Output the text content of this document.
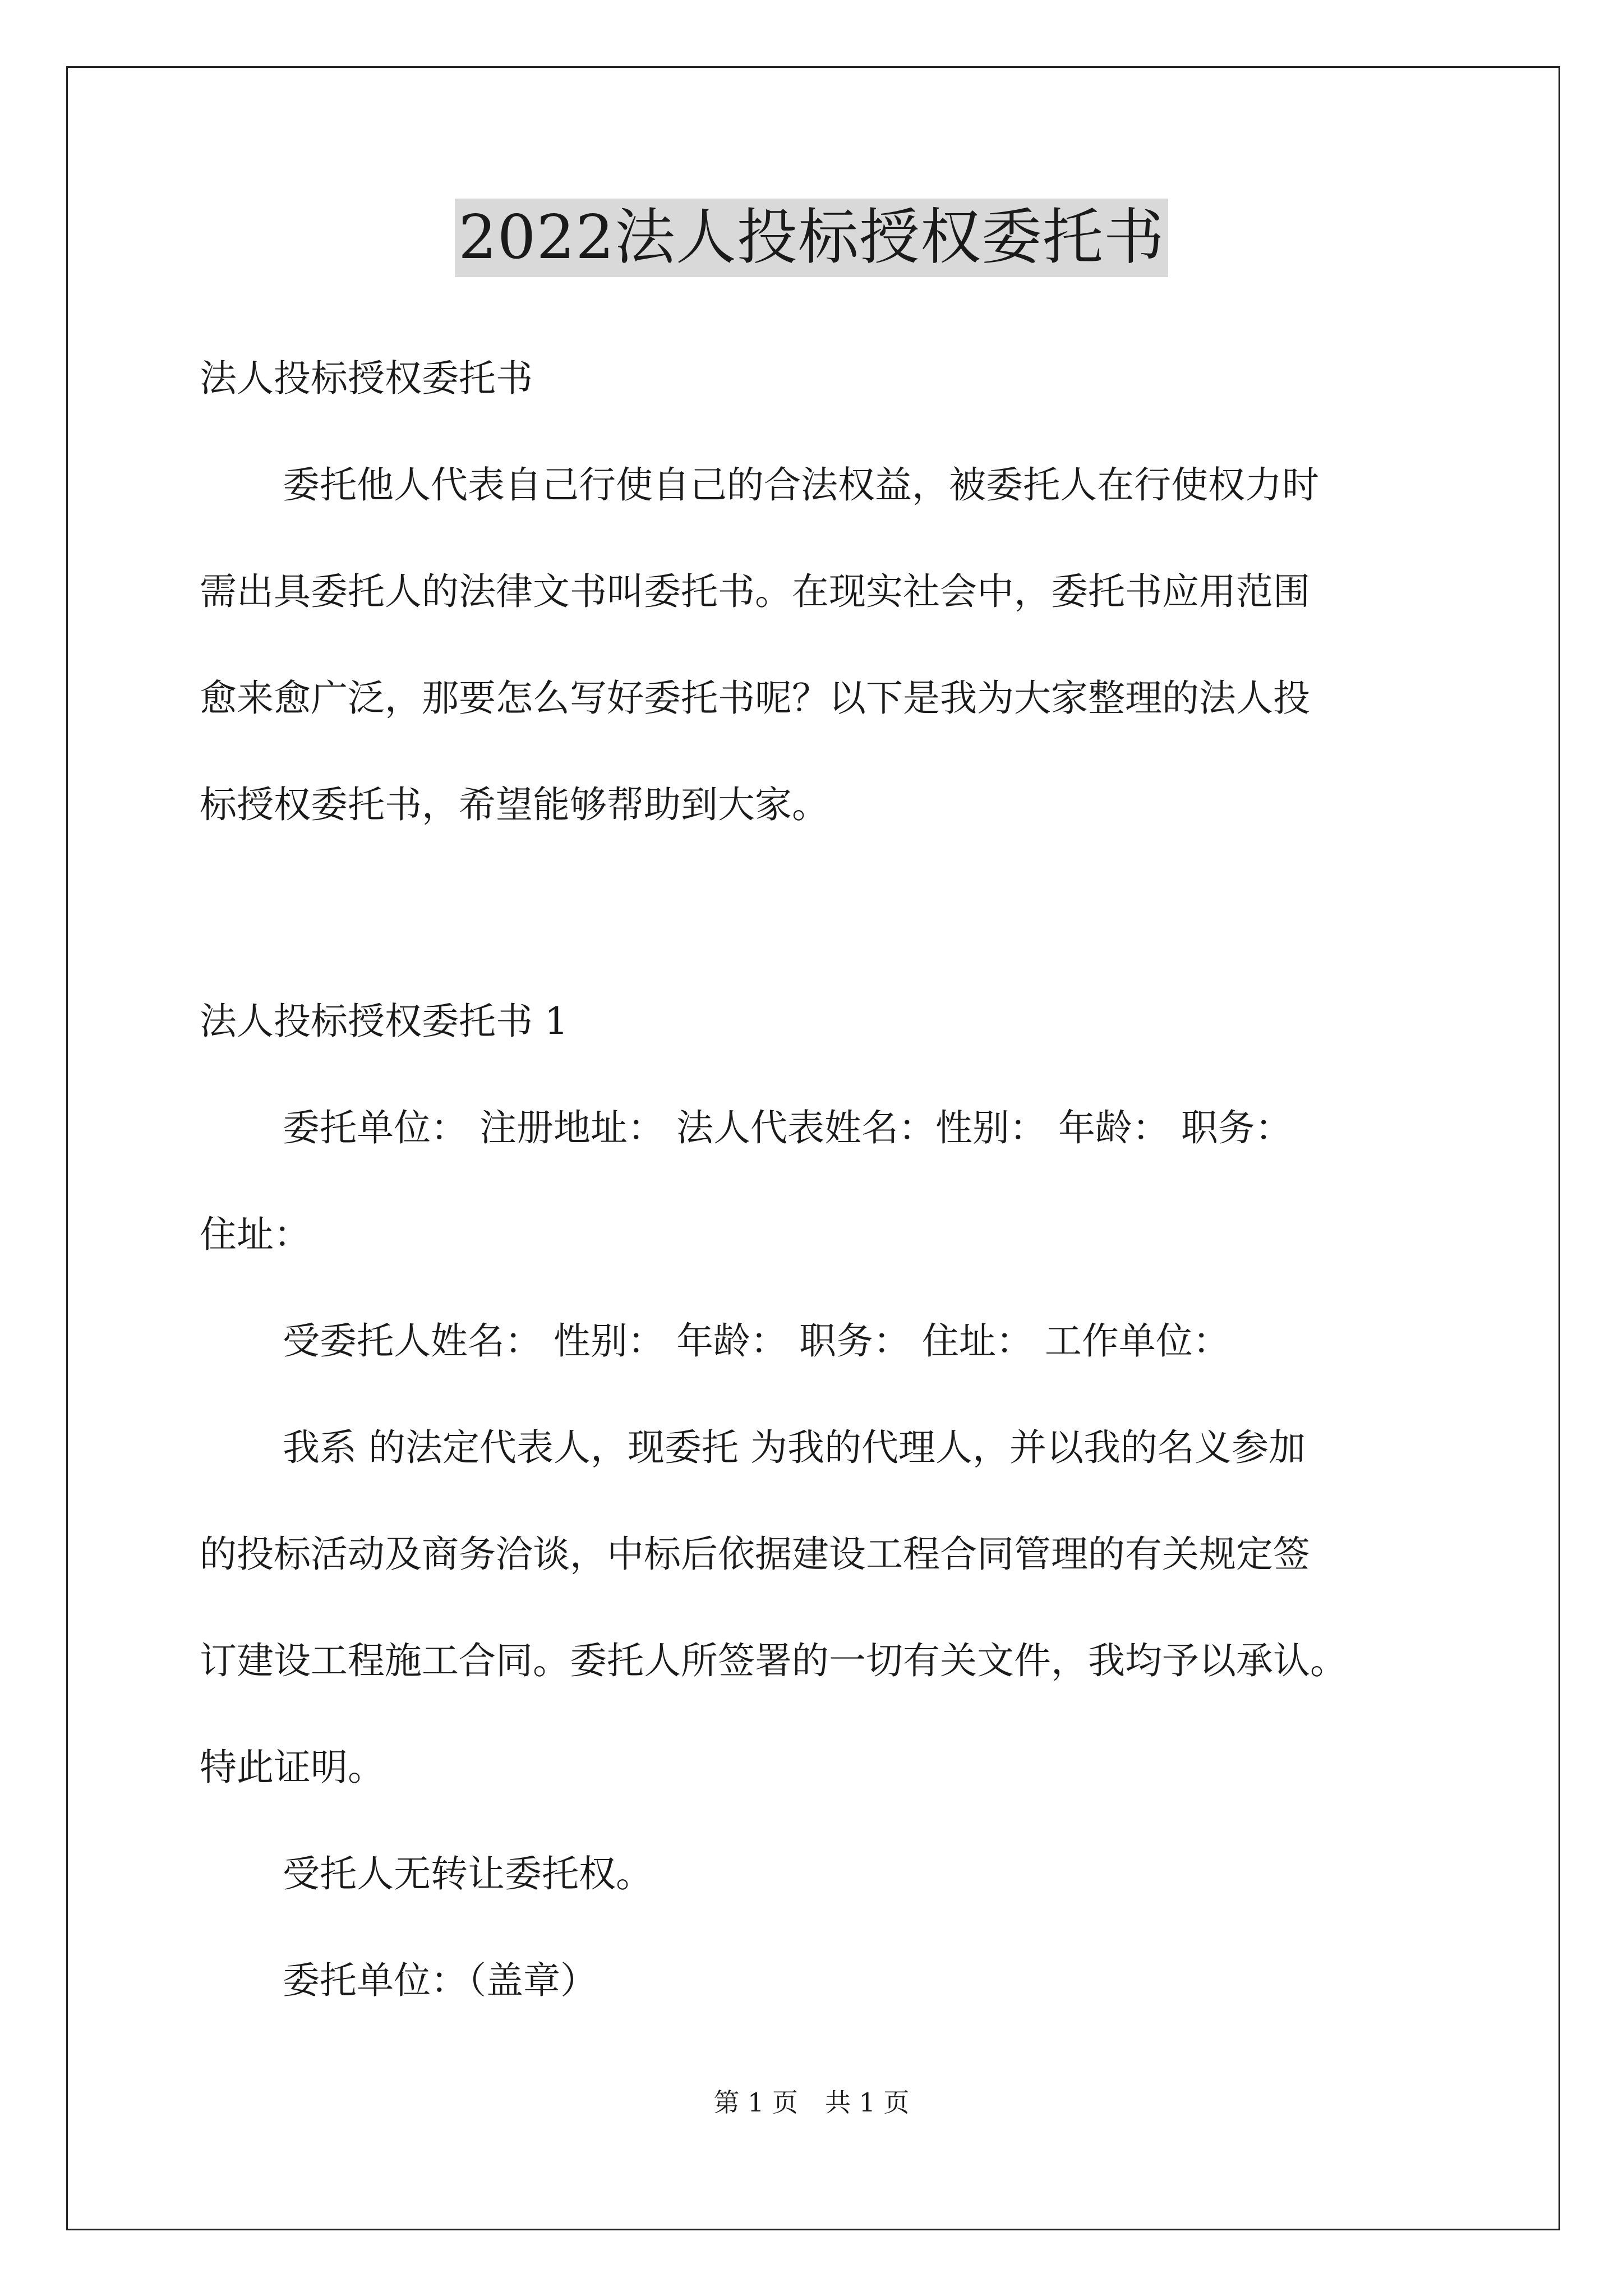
2022法人投标授权委托书
法人投标授权委托书
委托他人代表自己行使自己的合法权益，被委托人在行使权力时
需出具委托人的法律文书叫委托书。在现实社会中，委托书应用范围
愈来愈广泛，那要怎么写好委托书呢？以下是我为大家整理的法人投
标授权委托书，希望能够帮助到大家。
法人投标授权委托书 1
委托单位： 注册地址： 法人代表姓名：性别： 年龄： 职务：
住址：
受委托人姓名： 性别： 年龄： 职务： 住址： 工作单位：
我系 的法定代表人，现委托 为我的代理人，并以我的名义参加
的投标活动及商务洽谈，中标后依据建设工程合同管理的有关规定签
订建设工程施工合同。委托人所签署的一切有关文件，我均予以承认。
特此证明。
受托人无转让委托权。
委托单位：（盖章）
第 1 页 共 1 页
